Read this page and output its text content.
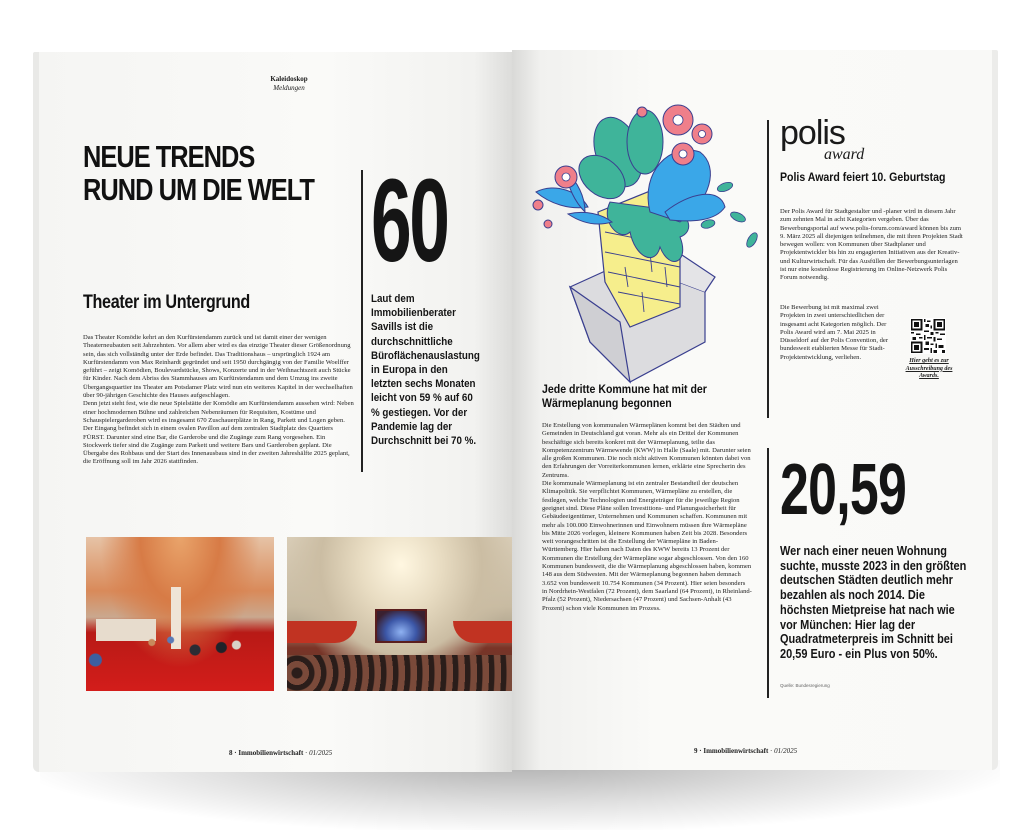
Kaleidoskop
Meldungen
NEUE TRENDS RUND UM DIE WELT
Theater im Untergrund

Das Theater Komödie kehrt an den Kurfürstendamm zurück und ist damit einer der wenigen Theaterneubauten seit Jahrzehnten. Vor allem aber wird es das einzige Theater dieser Größenordnung sein, das sich vollständig unter der Erde befindet. Das Traditionshaus – ursprünglich 1924 am Kurfürstendamm von Max Reinhardt gegründet und seit 1950 durchgängig von der Familie Woelffer geführt – zeigt Komödien, Boulevardstücke, Shows, Konzerte und in der Weihnachtszeit auch Stücke für Kinder. Nach dem Abriss des Stammhauses am Kurfürstendamm und dem Umzug ins zweite Übergangsquartier ins Theater am Potsdamer Platz wird nun ein weiteres Kapitel in der wechselhaften über 90-jährigen Geschichte des Hauses aufgeschlagen.

Denn jetzt steht fest, wie die neue Spielstätte der Komödie am Kurfürstendamm aussehen wird: Neben einer hochmodernen Bühne und zahlreichen Nebenräumen für Requisiten, Kostüme und Schauspielergarderoben wird es insgesamt 670 Zuschauerplätze in Rang, Parkett und Logen geben. Der Eingang befindet sich in einem ovalen Pavillon auf dem zentralen Stadtplatz des Quartiers FÜRST. Darunter sind eine Bar, die Garderobe und die Zugänge zum Rang vorgesehen. Ein Stockwerk tiefer sind die Zugänge zum Parkett und weitere Bars und Garderoben geplant. Die Übergabe des Rohbaus und der Start des Innenausbaus sind in der zweiten Jahreshälfte 2025 geplant, die Eröffnung soll im Jahr 2026 stattfinden.

60
Laut dem Immobilienberater Savills ist die durchschnittliche Büroflächenauslastung in Europa in den letzten sechs Monaten leicht von 59 % auf 60 % gestiegen. Vor der Pandemie lag der Durchschnitt bei 70 %.
8 · Immobilienwirtschaft · 01/2025
Jede dritte Kommune hat mit der Wärmeplanung begonnen

Die Erstellung von kommunalen Wärmeplänen kommt bei den Städten und Gemeinden in Deutschland gut voran. Mehr als ein Drittel der Kommunen beschäftige sich bereits konkret mit der Wärmeplanung, teilte das Kompetenzzentrum Wärmewende (KWW) in Halle (Saale) mit. Darunter seien alle großen Kommunen. Die noch nicht aktiven Kommunen könnten dabei von den Erfahrungen der Vorreiterkommunen lernen, erklärte eine Sprecherin des Zentrums.

Die kommunale Wärmeplanung ist ein zentraler Bestandteil der deutschen Klimapolitik. Sie verpflichtet Kommunen, Wärmepläne zu erstellen, die festlegen, welche Technologien und Energieträger für die jeweilige Region geeignet sind. Diese Pläne sollen Investitions- und Planungssicherheit für Gebäudeeigentümer, Unternehmen und Kommunen schaffen. Kommunen mit mehr als 100.000 Einwohnerinnen und Einwohnern müssen ihre Wärmepläne bis Mitte 2026 vorlegen, kleinere Kommunen haben Zeit bis 2028. Besonders weit vorangeschritten ist die Erstellung der Wärmepläne in Baden-Württemberg. Hier haben nach Daten des KWW bereits 13 Prozent der Kommunen die Erstellung der Wärmepläne sogar abgeschlossen. Von den 160 Kommunen bundesweit, die die Wärmeplanung abgeschlossen haben, kommen 148 aus dem Südwesten. Mit der Wärmeplanung begonnen haben demnach 3.652 von bundesweit 10.754 Kommunen (34 Prozent). Hier seien besonders in Nordrhein-Westfalen (72 Prozent), dem Saarland (64 Prozent), in Rheinland-Pfalz (52 Prozent), Niedersachsen (47 Prozent) und Sachsen-Anhalt (43 Prozent) schon viele Kommunen im Prozess.

polis
award
Polis Award feiert 10. Geburtstag
Der Polis Award für Stadtgestalter und -planer wird in diesem Jahr zum zehnten Mal in acht Kategorien vergeben. Über das Bewerbungsportal auf www.polis-forum.com/award können bis zum 9. März 2025 all diejenigen teilnehmen, die mit ihren Projekten Stadt bewegen wollen: von Kommunen über Stadtplaner und Projektentwickler bis hin zu engagierten Initiativen aus der Kreativ- und Kulturwirtschaft. Für das Ausfüllen der Bewerbungsunterlagen ist nur eine kostenlose Registrierung im Online-Netzwerk Polis Forum notwendig.
Die Bewerbung ist mit maximal zwei Projekten in zwei unterschiedlichen der insgesamt acht Kategorien möglich. Der Polis Award wird am 7. Mai 2025 in Düsseldorf auf der Polis Convention, der bundesweit etablierten Messe für Stadt-Projektentwicklung, verliehen.
Hier geht es zur Ausschreibung des Awards.
20,59
Wer nach einer neuen Wohnung suchte, musste 2023 in den größten deutschen Städten deutlich mehr bezahlen als noch 2014. Die höchsten Mietpreise hat nach wie vor München: Hier lag der Quadratmeterpreis im Schnitt bei 20,59 Euro - ein Plus von 50%.
Quelle: Bundesregierung
9 · Immobilienwirtschaft · 01/2025
